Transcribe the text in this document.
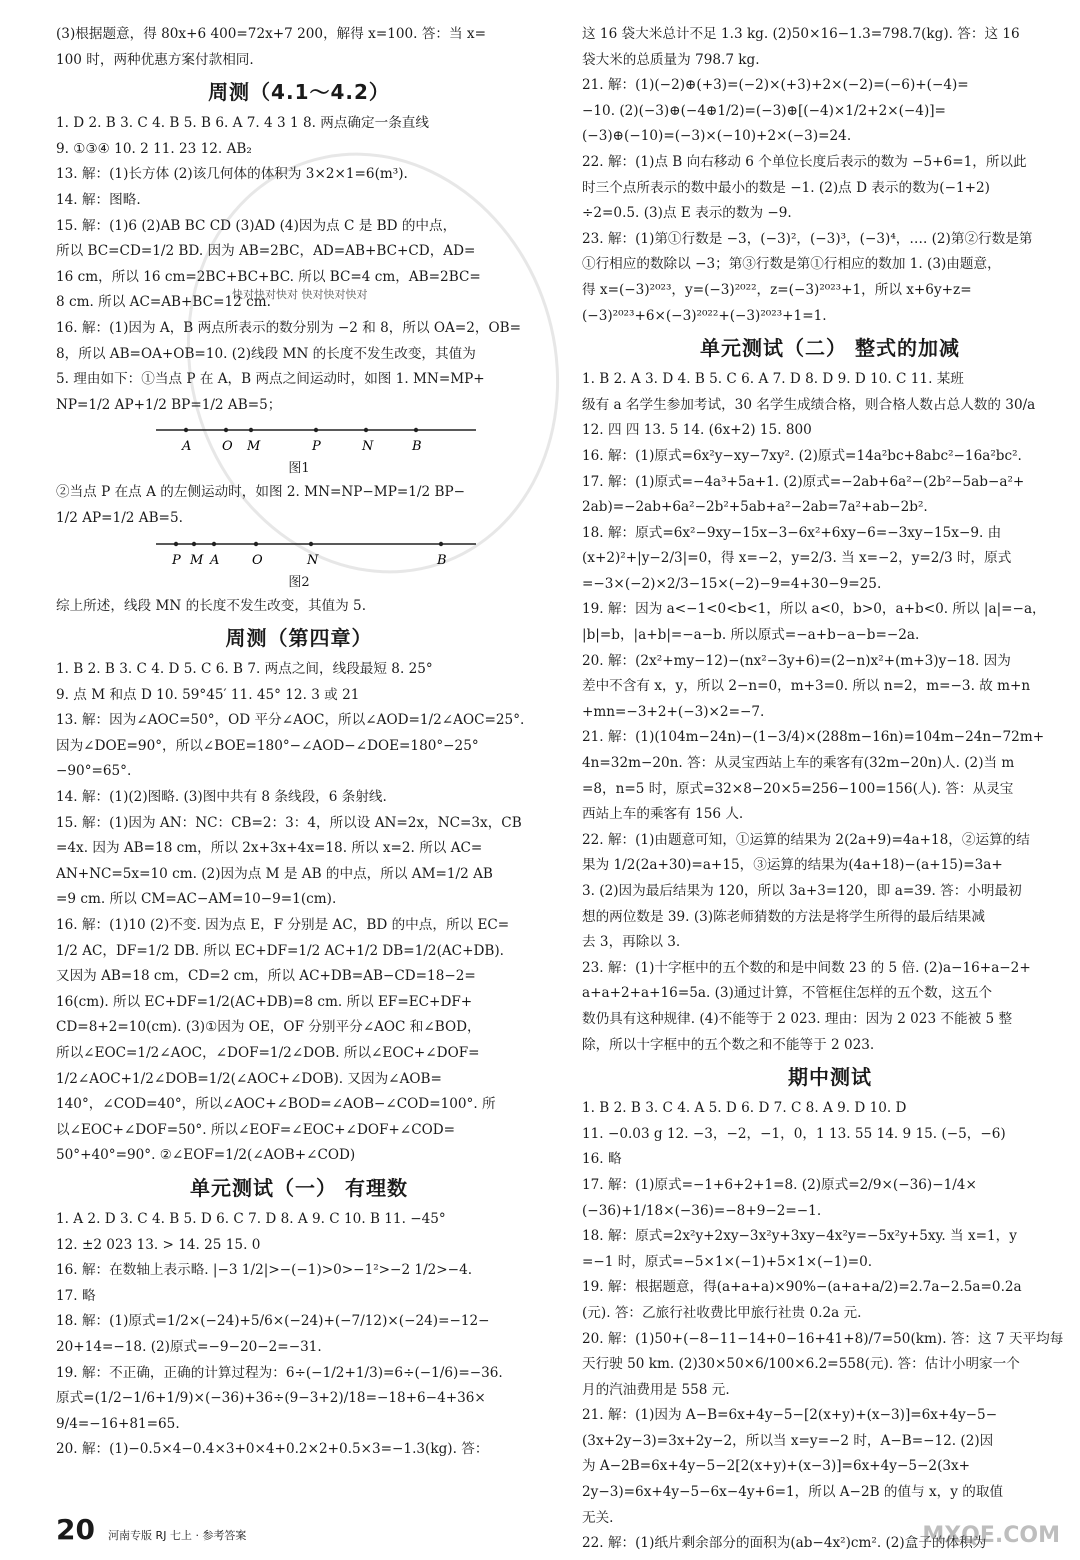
快对快对快对 快对快对快对
(3)根据题意，得 80x+6 400=72x+7 200，解得 x=100. 答：当 x=
100 时，两种优惠方案付款相同.
周测（4.1～4.2）
1. D 2. B 3. C 4. B 5. B 6. A 7. 4 3 1 8. 两点确定一条直线
9. ①③④ 10. 2 11. 23 12. AB₂
13. 解：(1)长方体 (2)该几何体的体积为 3×2×1=6(m³).
14. 解：图略.
15. 解：(1)6 (2)AB BC CD (3)AD (4)因为点 C 是 BD 的中点，
所以 BC=CD=1/2 BD. 因为 AB=2BC，AD=AB+BC+CD，AD=
16 cm，所以 16 cm=2BC+BC+BC. 所以 BC=4 cm，AB=2BC=
8 cm. 所以 AC=AB+BC=12 cm.
16. 解：(1)因为 A，B 两点所表示的数分别为 −2 和 8，所以 OA=2，OB=
8，所以 AB=OA+OB=10. (2)线段 MN 的长度不发生改变，其值为
5. 理由如下：①当点 P 在 A，B 两点之间运动时，如图 1. MN=MP+
NP=1/2 AP+1/2 BP=1/2 AB=5；
A O M	P	N	B
图1
②当点 P 在点 A 的左侧运动时，如图 2. MN=NP−MP=1/2 BP−
1/2 AP=1/2 AB=5.
P M A	O	N	B
图2
综上所述，线段 MN 的长度不发生改变，其值为 5.
周测（第四章）
1. B 2. B 3. C 4. D 5. C 6. B 7. 两点之间，线段最短 8. 25°
9. 点 M 和点 D 10. 59°45′ 11. 45° 12. 3 或 21
13. 解：因为∠AOC=50°，OD 平分∠AOC，所以∠AOD=1/2∠AOC=25°.
因为∠DOE=90°，所以∠BOE=180°−∠AOD−∠DOE=180°−25°
−90°=65°.
14. 解：(1)(2)图略. (3)图中共有 8 条线段，6 条射线.
15. 解：(1)因为 AN：NC：CB=2：3：4，所以设 AN=2x，NC=3x，CB
=4x. 因为 AB=18 cm，所以 2x+3x+4x=18. 所以 x=2. 所以 AC=
AN+NC=5x=10 cm. (2)因为点 M 是 AB 的中点，所以 AM=1/2 AB
=9 cm. 所以 CM=AC−AM=10−9=1(cm).
16. 解：(1)10 (2)不变. 因为点 E，F 分别是 AC，BD 的中点，所以 EC=
1/2 AC，DF=1/2 DB. 所以 EC+DF=1/2 AC+1/2 DB=1/2(AC+DB).
又因为 AB=18 cm，CD=2 cm，所以 AC+DB=AB−CD=18−2=
16(cm). 所以 EC+DF=1/2(AC+DB)=8 cm. 所以 EF=EC+DF+
CD=8+2=10(cm). (3)①因为 OE，OF 分别平分∠AOC 和∠BOD，
所以∠EOC=1/2∠AOC，∠DOF=1/2∠DOB. 所以∠EOC+∠DOF=
1/2∠AOC+1/2∠DOB=1/2(∠AOC+∠DOB). 又因为∠AOB=
140°，∠COD=40°，所以∠AOC+∠BOD=∠AOB−∠COD=100°. 所
以∠EOC+∠DOF=50°. 所以∠EOF=∠EOC+∠DOF+∠COD=
50°+40°=90°. ②∠EOF=1/2(∠AOB+∠COD)
单元测试（一） 有理数
1. A 2. D 3. C 4. B 5. D 6. C 7. D 8. A 9. C 10. B 11. −45°
12. ±2 023 13. > 14. 25 15. 0
16. 解：在数轴上表示略. |−3 1/2|>−(−1)>0>−1²>−2 1/2>−4.
17. 略
18. 解：(1)原式=1/2×(−24)+5/6×(−24)+(−7/12)×(−24)=−12−
20+14=−18. (2)原式=−9−20−2=−31.
19. 解：不正确，正确的计算过程为：6÷(−1/2+1/3)=6÷(−1/6)=−36.
原式=(1/2−1/6+1/9)×(−36)+36÷(9−3+2)/18=−18+6−4+36×
9/4=−16+81=65.
20. 解：(1)−0.5×4−0.4×3+0×4+0.2×2+0.5×3=−1.3(kg). 答：
这 16 袋大米总计不足 1.3 kg. (2)50×16−1.3=798.7(kg). 答：这 16
袋大米的总质量为 798.7 kg.
21. 解：(1)(−2)⊕(+3)=(−2)×(+3)+2×(−2)=(−6)+(−4)=
−10. (2)(−3)⊕(−4⊕1/2)=(−3)⊕[(−4)×1/2+2×(−4)]=
(−3)⊕(−10)=(−3)×(−10)+2×(−3)=24.
22. 解：(1)点 B 向右移动 6 个单位长度后表示的数为 −5+6=1，所以此
时三个点所表示的数中最小的数是 −1. (2)点 D 表示的数为(−1+2)
÷2=0.5. (3)点 E 表示的数为 −9.
23. 解：(1)第①行数是 −3，(−3)²，(−3)³，(−3)⁴，…. (2)第②行数是第
①行相应的数除以 −3；第③行数是第①行相应的数加 1. (3)由题意，
得 x=(−3)²⁰²³，y=(−3)²⁰²²，z=(−3)²⁰²³+1，所以 x+6y+z=
(−3)²⁰²³+6×(−3)²⁰²²+(−3)²⁰²³+1=1.
单元测试（二） 整式的加减
1. B 2. A 3. D 4. B 5. C 6. A 7. D 8. D 9. D 10. C 11. 某班
级有 a 名学生参加考试，30 名学生成绩合格，则合格人数占总人数的 30/a
12. 四 四 13. 5 14. (6x+2) 15. 800
16. 解：(1)原式=6x²y−xy−7xy². (2)原式=14a²bc+8abc²−16a²bc².
17. 解：(1)原式=−4a³+5a+1. (2)原式=−2ab+6a²−(2b²−5ab−a²+
2ab)=−2ab+6a²−2b²+5ab+a²−2ab=7a²+ab−2b².
18. 解：原式=6x²−9xy−15x−3−6x²+6xy−6=−3xy−15x−9. 由
(x+2)²+|y−2/3|=0，得 x=−2，y=2/3. 当 x=−2，y=2/3 时，原式
=−3×(−2)×2/3−15×(−2)−9=4+30−9=25.
19. 解：因为 a<−1<0<b<1，所以 a<0，b>0，a+b<0. 所以 |a|=−a，
|b|=b，|a+b|=−a−b. 所以原式=−a+b−a−b=−2a.
20. 解：(2x²+my−12)−(nx²−3y+6)=(2−n)x²+(m+3)y−18. 因为
差中不含有 x，y，所以 2−n=0，m+3=0. 所以 n=2，m=−3. 故 m+n
+mn=−3+2+(−3)×2=−7.
21. 解：(1)(104m−24n)−(1−3/4)×(288m−16n)=104m−24n−72m+
4n=32m−20n. 答：从灵宝西站上车的乘客有(32m−20n)人. (2)当 m
=8，n=5 时，原式=32×8−20×5=256−100=156(人). 答：从灵宝
西站上车的乘客有 156 人.
22. 解：(1)由题意可知，①运算的结果为 2(2a+9)=4a+18，②运算的结
果为 1/2(2a+30)=a+15，③运算的结果为(4a+18)−(a+15)=3a+
3. (2)因为最后结果为 120，所以 3a+3=120，即 a=39. 答：小明最初
想的两位数是 39. (3)陈老师猜数的方法是将学生所得的最后结果减
去 3，再除以 3.
23. 解：(1)十字框中的五个数的和是中间数 23 的 5 倍. (2)a−16+a−2+
a+a+2+a+16=5a. (3)通过计算，不管框住怎样的五个数，这五个
数仍具有这种规律. (4)不能等于 2 023. 理由：因为 2 023 不能被 5 整
除，所以十字框中的五个数之和不能等于 2 023.
期中测试
1. B 2. B 3. C 4. A 5. D 6. D 7. C 8. A 9. D 10. D
11. −0.03 g 12. −3，−2，−1，0，1 13. 55 14. 9 15. (−5，−6)
16. 略
17. 解：(1)原式=−1+6+2+1=8. (2)原式=2/9×(−36)−1/4×
(−36)+1/18×(−36)=−8+9−2=−1.
18. 解：原式=2x²y+2xy−3x²y+3xy−4x²y=−5x²y+5xy. 当 x=1，y
=−1 时，原式=−5×1×(−1)+5×1×(−1)=0.
19. 解：根据题意，得(a+a+a)×90%−(a+a+a/2)=2.7a−2.5a=0.2a
(元). 答：乙旅行社收费比甲旅行社贵 0.2a 元.
20. 解：(1)50+(−8−11−14+0−16+41+8)/7=50(km). 答：这 7 天平均每
天行驶 50 km. (2)30×50×6/100×6.2=558(元). 答：估计小明家一个
月的汽油费用是 558 元.
21. 解：(1)因为 A−B=6x+4y−5−[2(x+y)+(x−3)]=6x+4y−5−
(3x+2y−3)=3x+2y−2，所以当 x=y=−2 时，A−B=−12. (2)因
为 A−2B=6x+4y−5−2[2(x+y)+(x−3)]=6x+4y−5−2(3x+
2y−3)=6x+4y−5−6x−4y+6=1，所以 A−2B 的值与 x，y 的取值
无关.
22. 解：(1)纸片剩余部分的面积为(ab−4x²)cm². (2)盒子的体积为
20 河南专版 RJ 七上 · 参考答案	MXQE.COM
